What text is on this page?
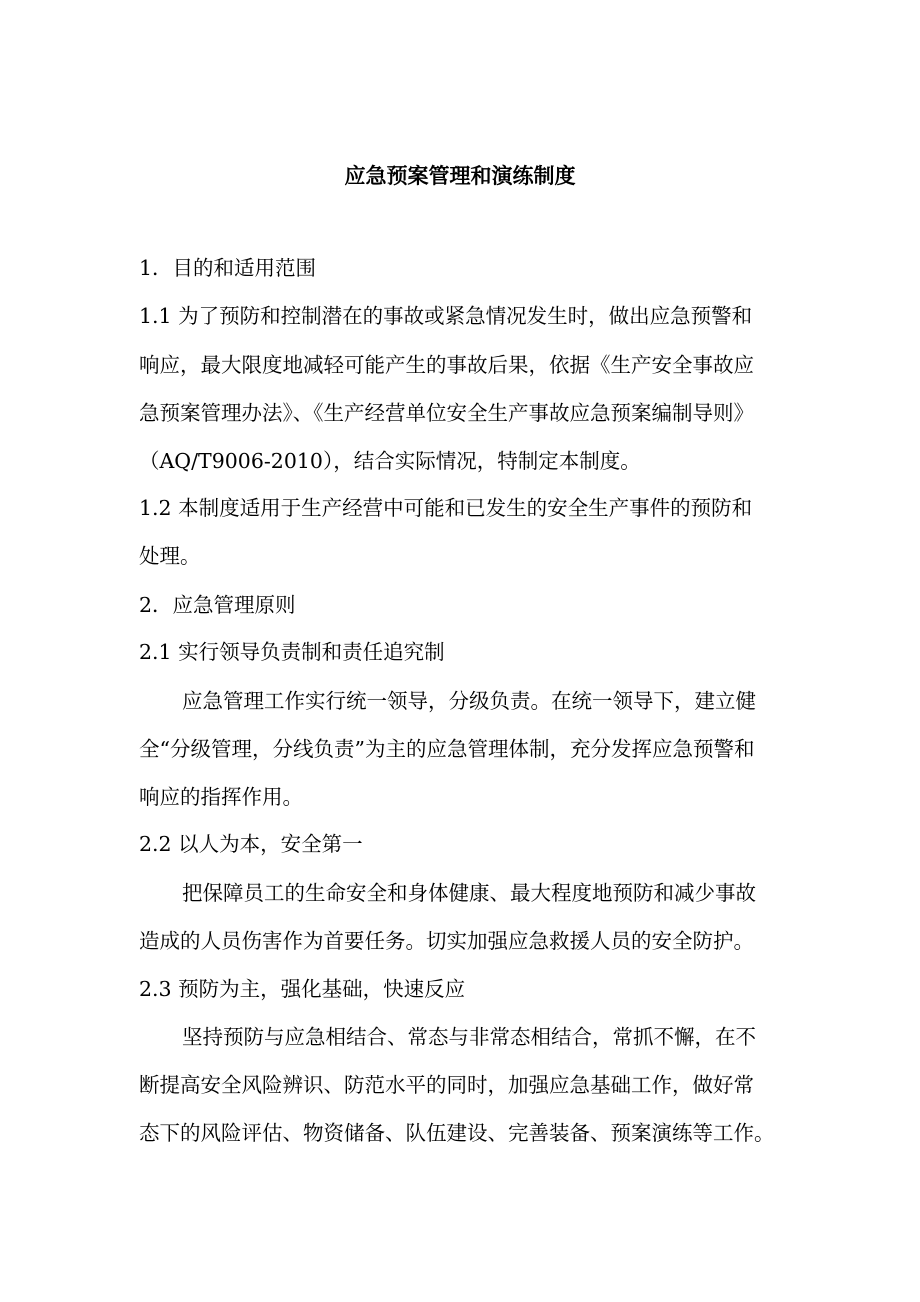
应急预案管理和演练制度
1．目的和适用范围
1.1 为了预防和控制潜在的事故或紧急情况发生时，做出应急预警和
响应，最大限度地减轻可能产生的事故后果，依据《生产安全事故应
急预案管理办法》、《生产经营单位安全生产事故应急预案编制导则》
（AQ/T9006-2010），结合实际情况，特制定本制度。
1.2 本制度适用于生产经营中可能和已发生的安全生产事件的预防和
处理。
2．应急管理原则
2.1 实行领导负责制和责任追究制
应急管理工作实行统一领导，分级负责。在统一领导下，建立健
全“分级管理，分线负责”为主的应急管理体制，充分发挥应急预警和
响应的指挥作用。
2.2 以人为本，安全第一
把保障员工的生命安全和身体健康、最大程度地预防和减少事故
造成的人员伤害作为首要任务。切实加强应急救援人员的安全防护。
2.3 预防为主，强化基础，快速反应
坚持预防与应急相结合、常态与非常态相结合，常抓不懈，在不
断提高安全风险辨识、防范水平的同时，加强应急基础工作，做好常
态下的风险评估、物资储备、队伍建设、完善装备、预案演练等工作。
